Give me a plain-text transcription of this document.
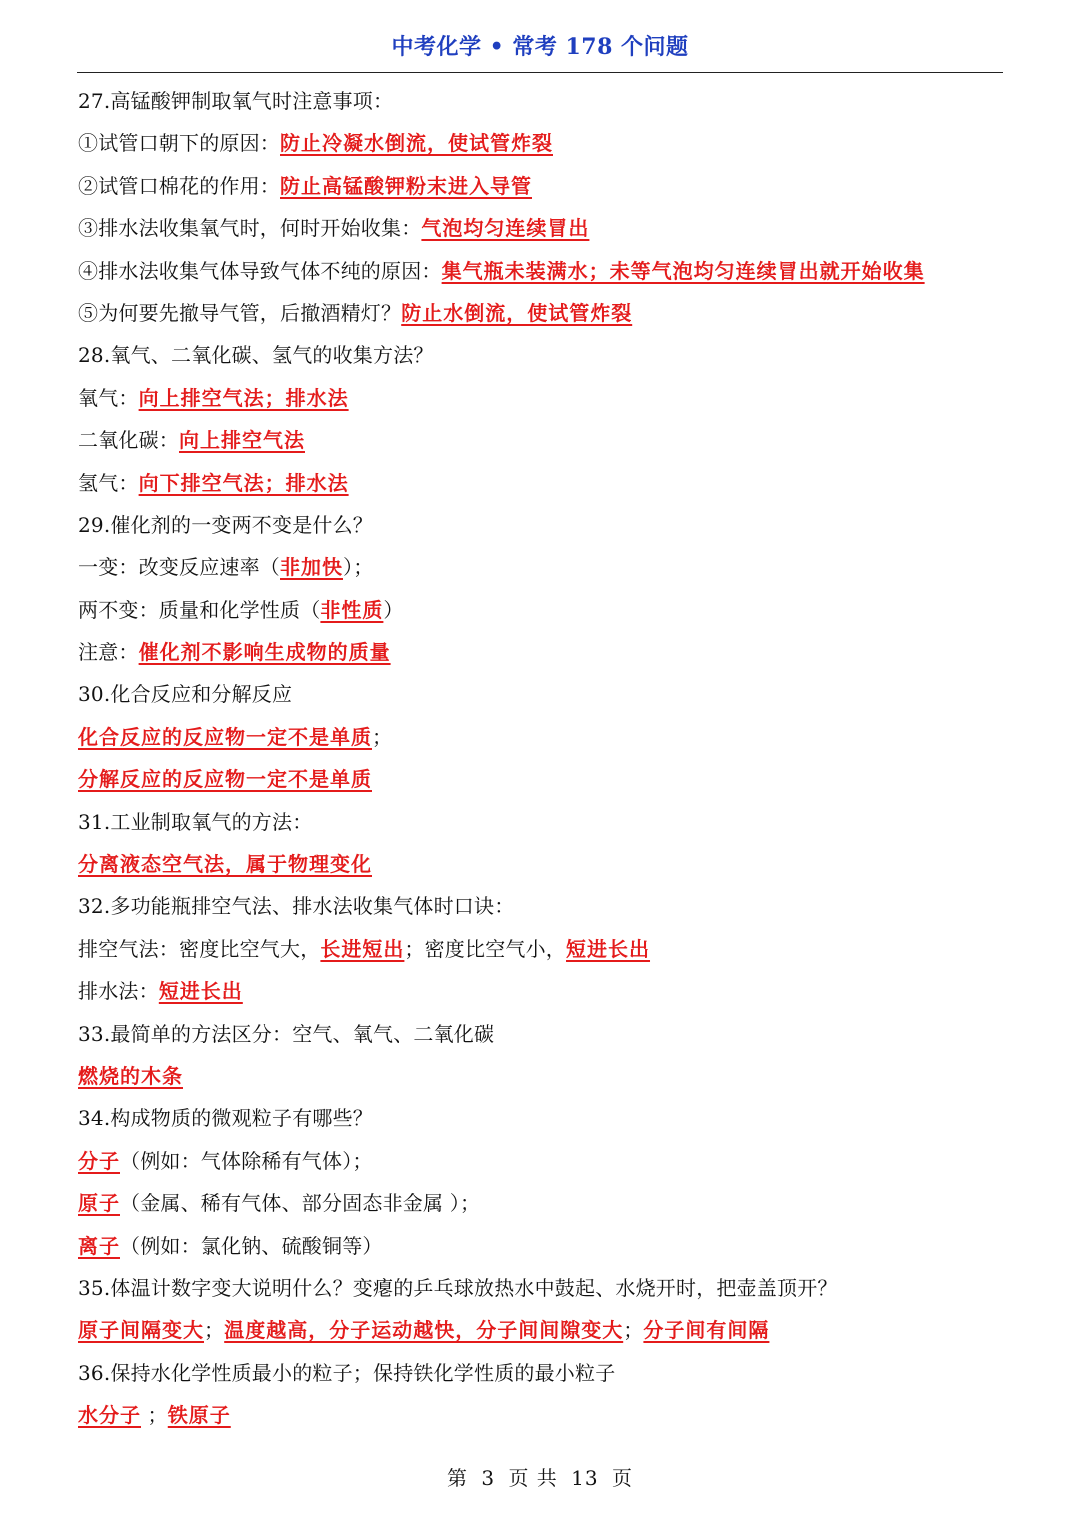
中考化学 • 常考 178 个问题
27.高锰酸钾制取氧气时注意事项：
①试管口朝下的原因：防止冷凝水倒流，使试管炸裂
②试管口棉花的作用：防止高锰酸钾粉末进入导管
③排水法收集氧气时，何时开始收集：气泡均匀连续冒出
④排水法收集气体导致气体不纯的原因：集气瓶未装满水；未等气泡均匀连续冒出就开始收集
⑤为何要先撤导气管，后撤酒精灯？防止水倒流，使试管炸裂
28.氧气、二氧化碳、氢气的收集方法？
氧气：向上排空气法；排水法
二氧化碳：向上排空气法
氢气：向下排空气法；排水法
29.催化剂的一变两不变是什么？
一变：改变反应速率（非加快）；
两不变：质量和化学性质（非性质）
注意：催化剂不影响生成物的质量
30.化合反应和分解反应
化合反应的反应物一定不是单质；
分解反应的反应物一定不是单质
31.工业制取氧气的方法：
分离液态空气法，属于物理变化
32.多功能瓶排空气法、排水法收集气体时口诀：
排空气法：密度比空气大，长进短出；密度比空气小，短进长出
排水法：短进长出
33.最简单的方法区分：空气、氧气、二氧化碳
燃烧的木条
34.构成物质的微观粒子有哪些？
分子（例如：气体除稀有气体）；
原子（金属、稀有气体、部分固态非金属 ）；
离子（例如：氯化钠、硫酸铜等）
35.体温计数字变大说明什么？变瘪的乒乓球放热水中鼓起、水烧开时，把壶盖顶开？
原子间隔变大；温度越高，分子运动越快，分子间间隙变大；分子间有间隔
36.保持水化学性质最小的粒子；保持铁化学性质的最小粒子
水分子 ；铁原子
第 3 页 共 13 页
